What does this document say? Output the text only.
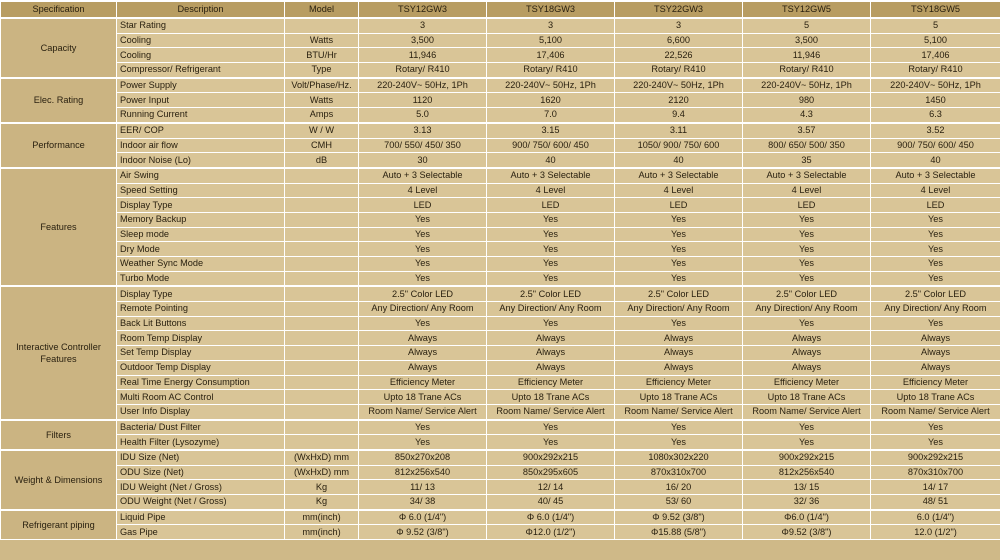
Specification	Description	Model	TSY12GW3	TSY18GW3	TSY22GW3	TSY12GW5	TSY18GW5
Capacity	Star Rating		3	3	3	5	5
	Cooling	Watts	3,500	5,100	6,600	3,500	5,100
	Cooling	BTU/Hr	11,946	17,406	22,526	11,946	17,406
	Compressor/ Refrigerant	Type	Rotary/ R410	Rotary/ R410	Rotary/ R410	Rotary/ R410	Rotary/ R410
Elec. Rating	Power Supply	Volt/Phase/Hz.	220-240V~ 50Hz, 1Ph	220-240V~ 50Hz, 1Ph	220-240V~ 50Hz, 1Ph	220-240V~ 50Hz, 1Ph	220-240V~ 50Hz, 1Ph
	Power Input	Watts	1120	1620	2120	980	1450
	Running Current	Amps	5.0	7.0	9.4	4.3	6.3
Performance	EER/ COP	W / W	3.13	3.15	3.11	3.57	3.52
	Indoor air flow	CMH	700/ 550/ 450/ 350	900/ 750/ 600/ 450	1050/ 900/ 750/ 600	800/ 650/ 500/ 350	900/ 750/ 600/ 450
	Indoor Noise (Lo)	dB	30	40	40	35	40
Features	Air Swing		Auto + 3 Selectable	Auto + 3 Selectable	Auto + 3 Selectable	Auto + 3 Selectable	Auto + 3 Selectable
	Speed Setting		4 Level	4 Level	4 Level	4 Level	4 Level
	Display Type		LED	LED	LED	LED	LED
	Memory Backup		Yes	Yes	Yes	Yes	Yes
	Sleep mode		Yes	Yes	Yes	Yes	Yes
	Dry Mode		Yes	Yes	Yes	Yes	Yes
	Weather Sync Mode		Yes	Yes	Yes	Yes	Yes
	Turbo Mode		Yes	Yes	Yes	Yes	Yes
Interactive Controller Features	Display Type		2.5" Color LED	2.5" Color LED	2.5" Color LED	2.5" Color LED	2.5" Color LED
	Remote Pointing		Any Direction/ Any Room	Any Direction/ Any Room	Any Direction/ Any Room	Any Direction/ Any Room	Any Direction/ Any Room
	Back Lit Buttons		Yes	Yes	Yes	Yes	Yes
	Room Temp Display		Always	Always	Always	Always	Always
	Set Temp Display		Always	Always	Always	Always	Always
	Outdoor Temp Display		Always	Always	Always	Always	Always
	Real Time Energy Consumption		Efficiency Meter	Efficiency Meter	Efficiency Meter	Efficiency Meter	Efficiency Meter
	Multi Room AC Control		Upto 18 Trane ACs	Upto 18 Trane ACs	Upto 18 Trane ACs	Upto 18 Trane ACs	Upto 18 Trane ACs
	User Info Display		Room Name/ Service Alert	Room Name/ Service Alert	Room Name/ Service Alert	Room Name/ Service Alert	Room Name/ Service Alert
Filters	Bacteria/ Dust Filter		Yes	Yes	Yes	Yes	Yes
	Health Filter (Lysozyme)		Yes	Yes	Yes	Yes	Yes
Weight & Dimensions	IDU Size (Net)	(WxHxD) mm	850x270x208	900x292x215	1080x302x220	900x292x215	900x292x215
	ODU Size (Net)	(WxHxD) mm	812x256x540	850x295x605	870x310x700	812x256x540	870x310x700
	IDU Weight (Net / Gross)	Kg	11/ 13	12/ 14	16/ 20	13/ 15	14/ 17
	ODU Weight (Net / Gross)	Kg	34/ 38	40/ 45	53/ 60	32/ 36	48/ 51
Refrigerant piping	Liquid Pipe	mm(inch)	Φ 6.0 (1/4")	Φ 6.0 (1/4")	Φ 9.52 (3/8")	Φ6.0 (1/4")	6.0 (1/4")
	Gas Pipe	mm(inch)	Φ 9.52 (3/8")	Φ12.0 (1/2")	Φ15.88 (5/8")	Φ9.52 (3/8")	12.0 (1/2")
